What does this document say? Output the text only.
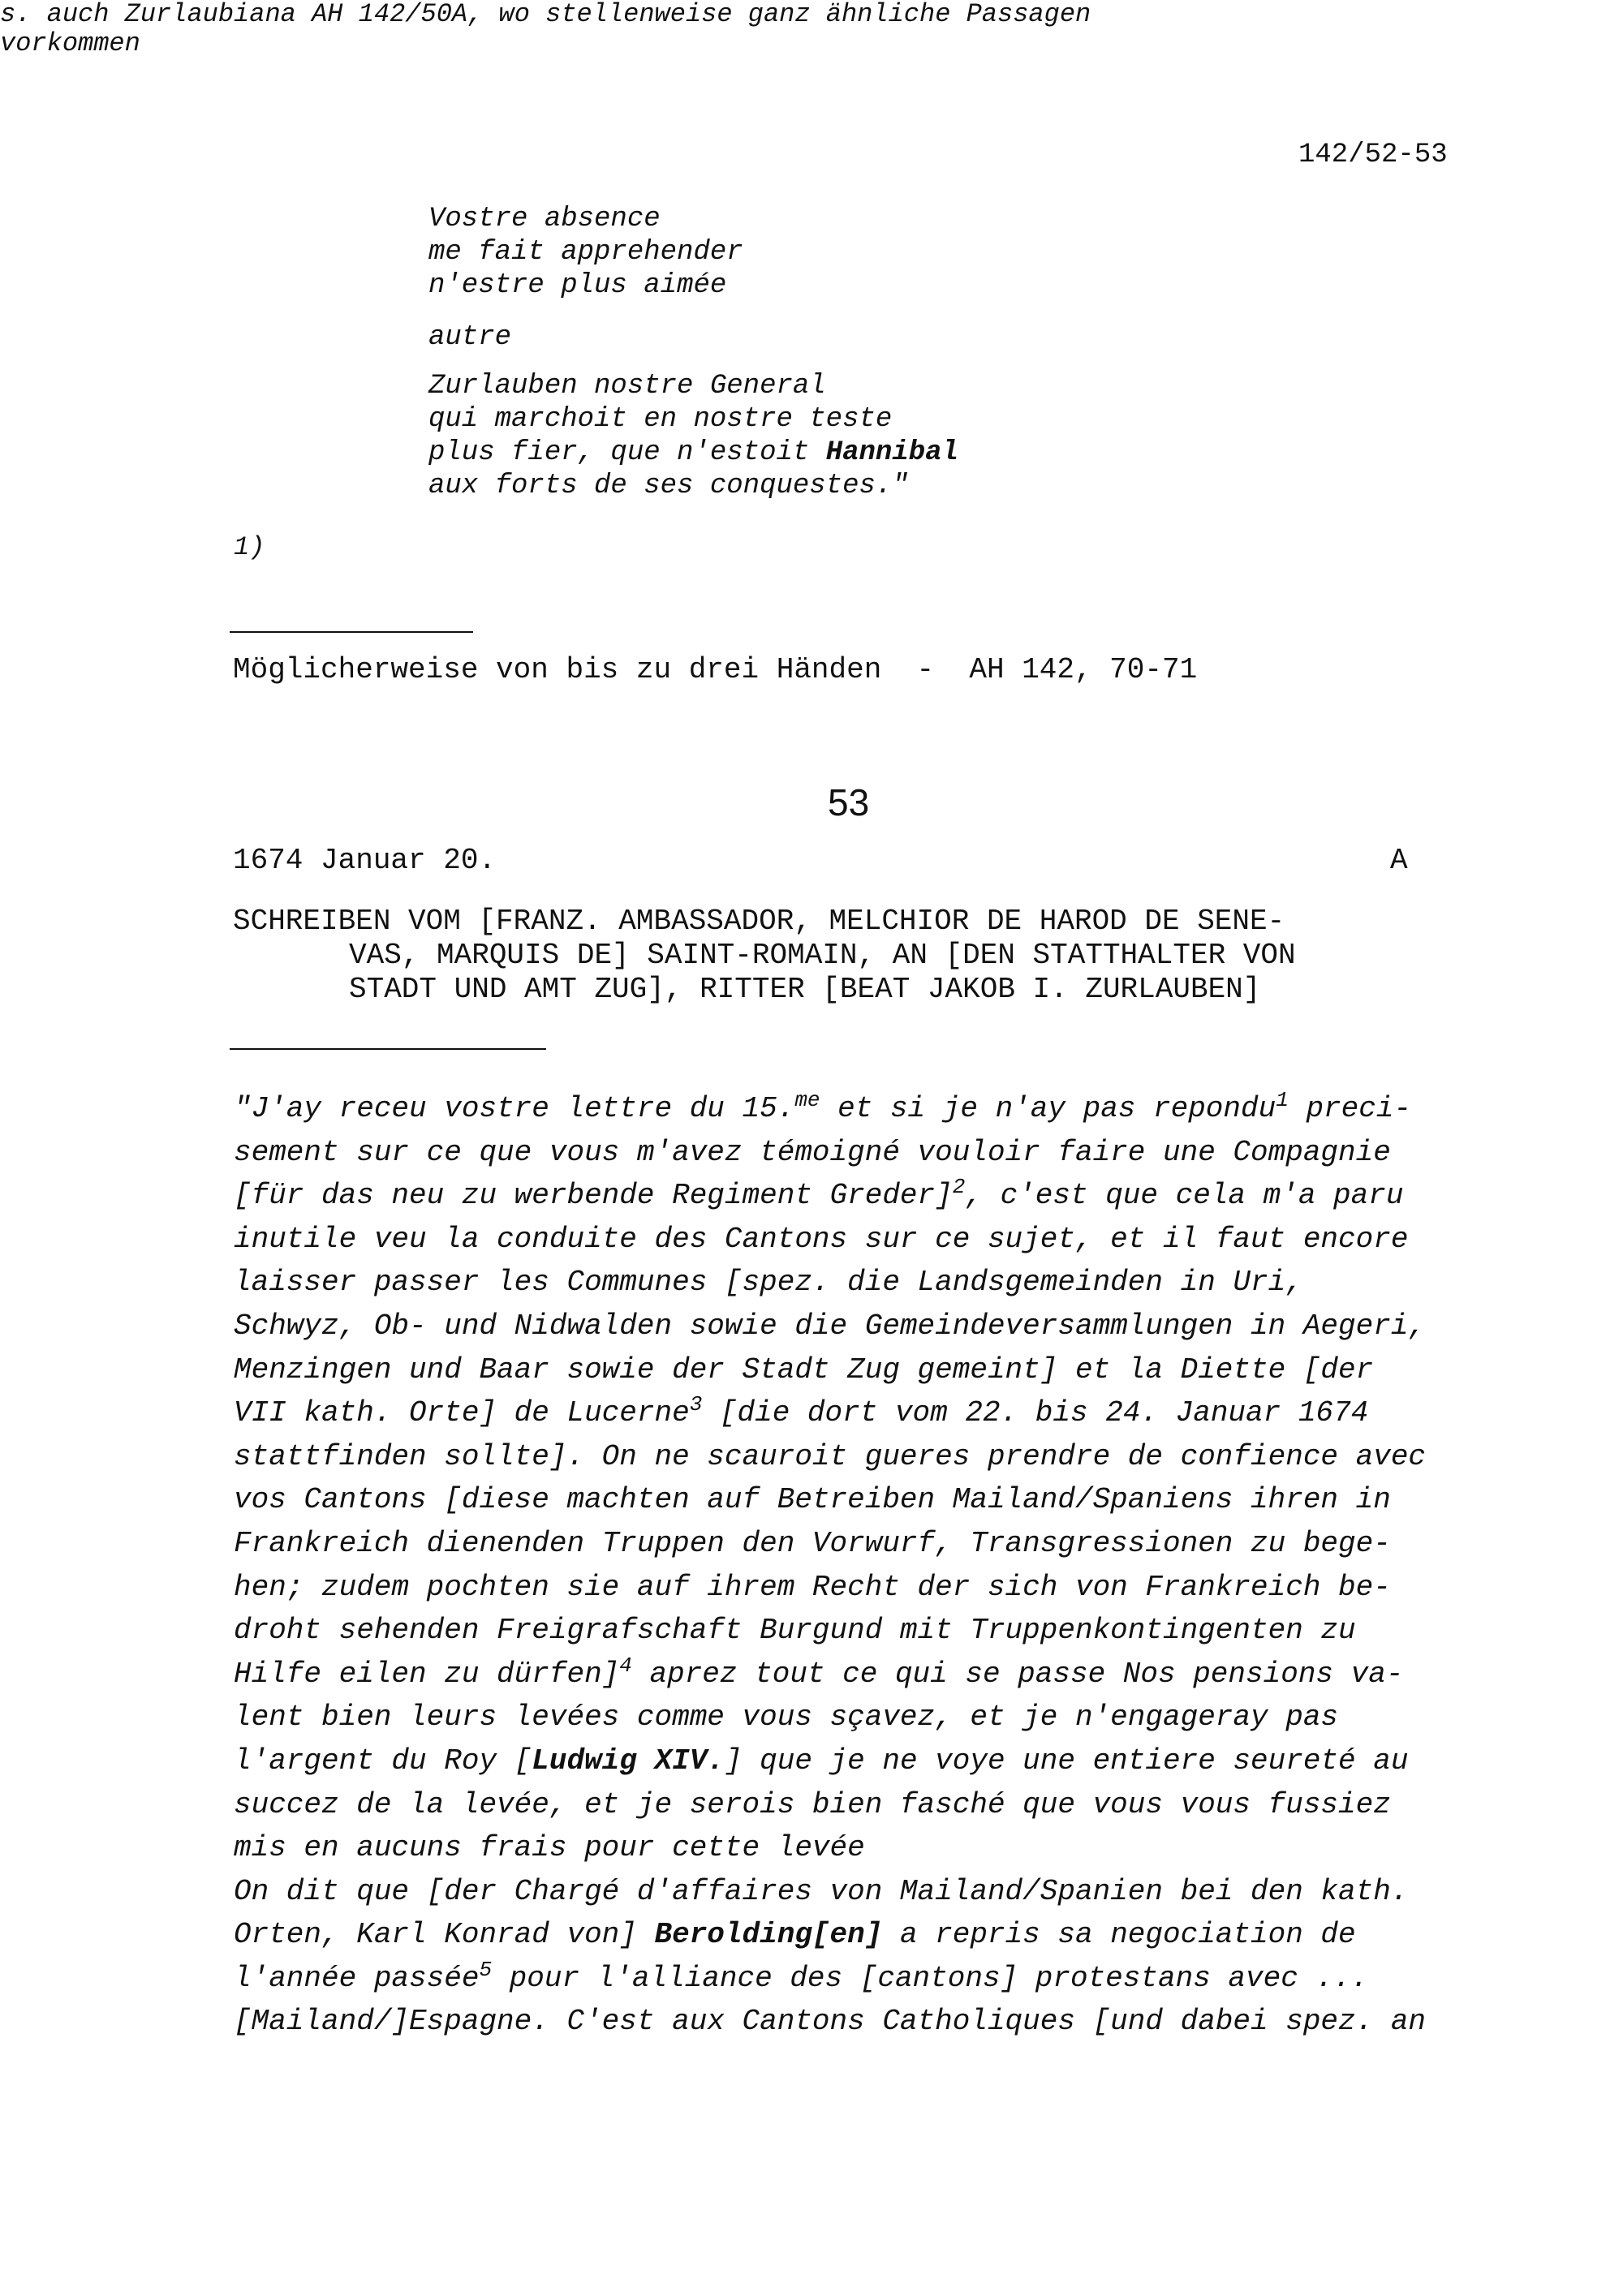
142/52-53
Vostre absence
me fait apprehender
n'estre plus aimée
autre
Zurlauben nostre General
qui marchoit en nostre teste
plus fier, que n'estoit Hannibal
aux forts de ses conquestes."
1)
s. auch Zurlaubiana AH 142/50A, wo stellenweise ganz ähnliche Passagen
vorkommen
Möglicherweise von bis zu drei Händen  -  AH 142, 70-71
53
1674 Januar 20.	A
SCHREIBEN VOM [FRANZ. AMBASSADOR, MELCHIOR DE HAROD DE SENE-
VAS, MARQUIS DE] SAINT-ROMAIN, AN [DEN STATTHALTER VON
STADT UND AMT ZUG], RITTER [BEAT JAKOB I. ZURLAUBEN]
"J'ay receu vostre lettre du 15.$^{me}$ et si je n'ay pas repondu$^1$ preci-
sement sur ce que vous m'avez témoigné vouloir faire une Compagnie
[für das neu zu werbende Regiment Greder]$^2$, c'est que cela m'a paru
inutile veu la conduite des Cantons sur ce sujet, et il faut encore
laisser passer les Communes [spez. die Landsgemeinden in Uri,
Schwyz, Ob- und Nidwalden sowie die Gemeindeversammlungen in Aegeri,
Menzingen und Baar sowie der Stadt Zug gemeint] et la Diette [der
VII kath. Orte] de Lucerne$^3$ [die dort vom 22. bis 24. Januar 1674
stattfinden sollte]. On ne scauroit gueres prendre de confience avec
vos Cantons [diese machten auf Betreiben Mailand/Spaniens ihren in
Frankreich dienenden Truppen den Vorwurf, Transgressionen zu bege-
hen; zudem pochten sie auf ihrem Recht der sich von Frankreich be-
droht sehenden Freigrafschaft Burgund mit Truppenkontingenten zu
Hilfe eilen zu dürfen]$^4$ aprez tout ce qui se passe Nos pensions va-
lent bien leurs levées comme vous sçavez, et je n'engageray pas
l'argent du Roy [Ludwig XIV.] que je ne voye une entiere seureté au
succez de la levée, et je serois bien fasché que vous vous fussiez
mis en aucuns frais pour cette levée
On dit que [der Chargé d'affaires von Mailand/Spanien bei den kath.
Orten, Karl Konrad von] Berolding[en] a repris sa negociation de
l'année passée$^5$ pour l'alliance des [cantons] protestans avec ...
[Mailand/]Espagne. C'est aux Cantons Catholiques [und dabei spez. an
